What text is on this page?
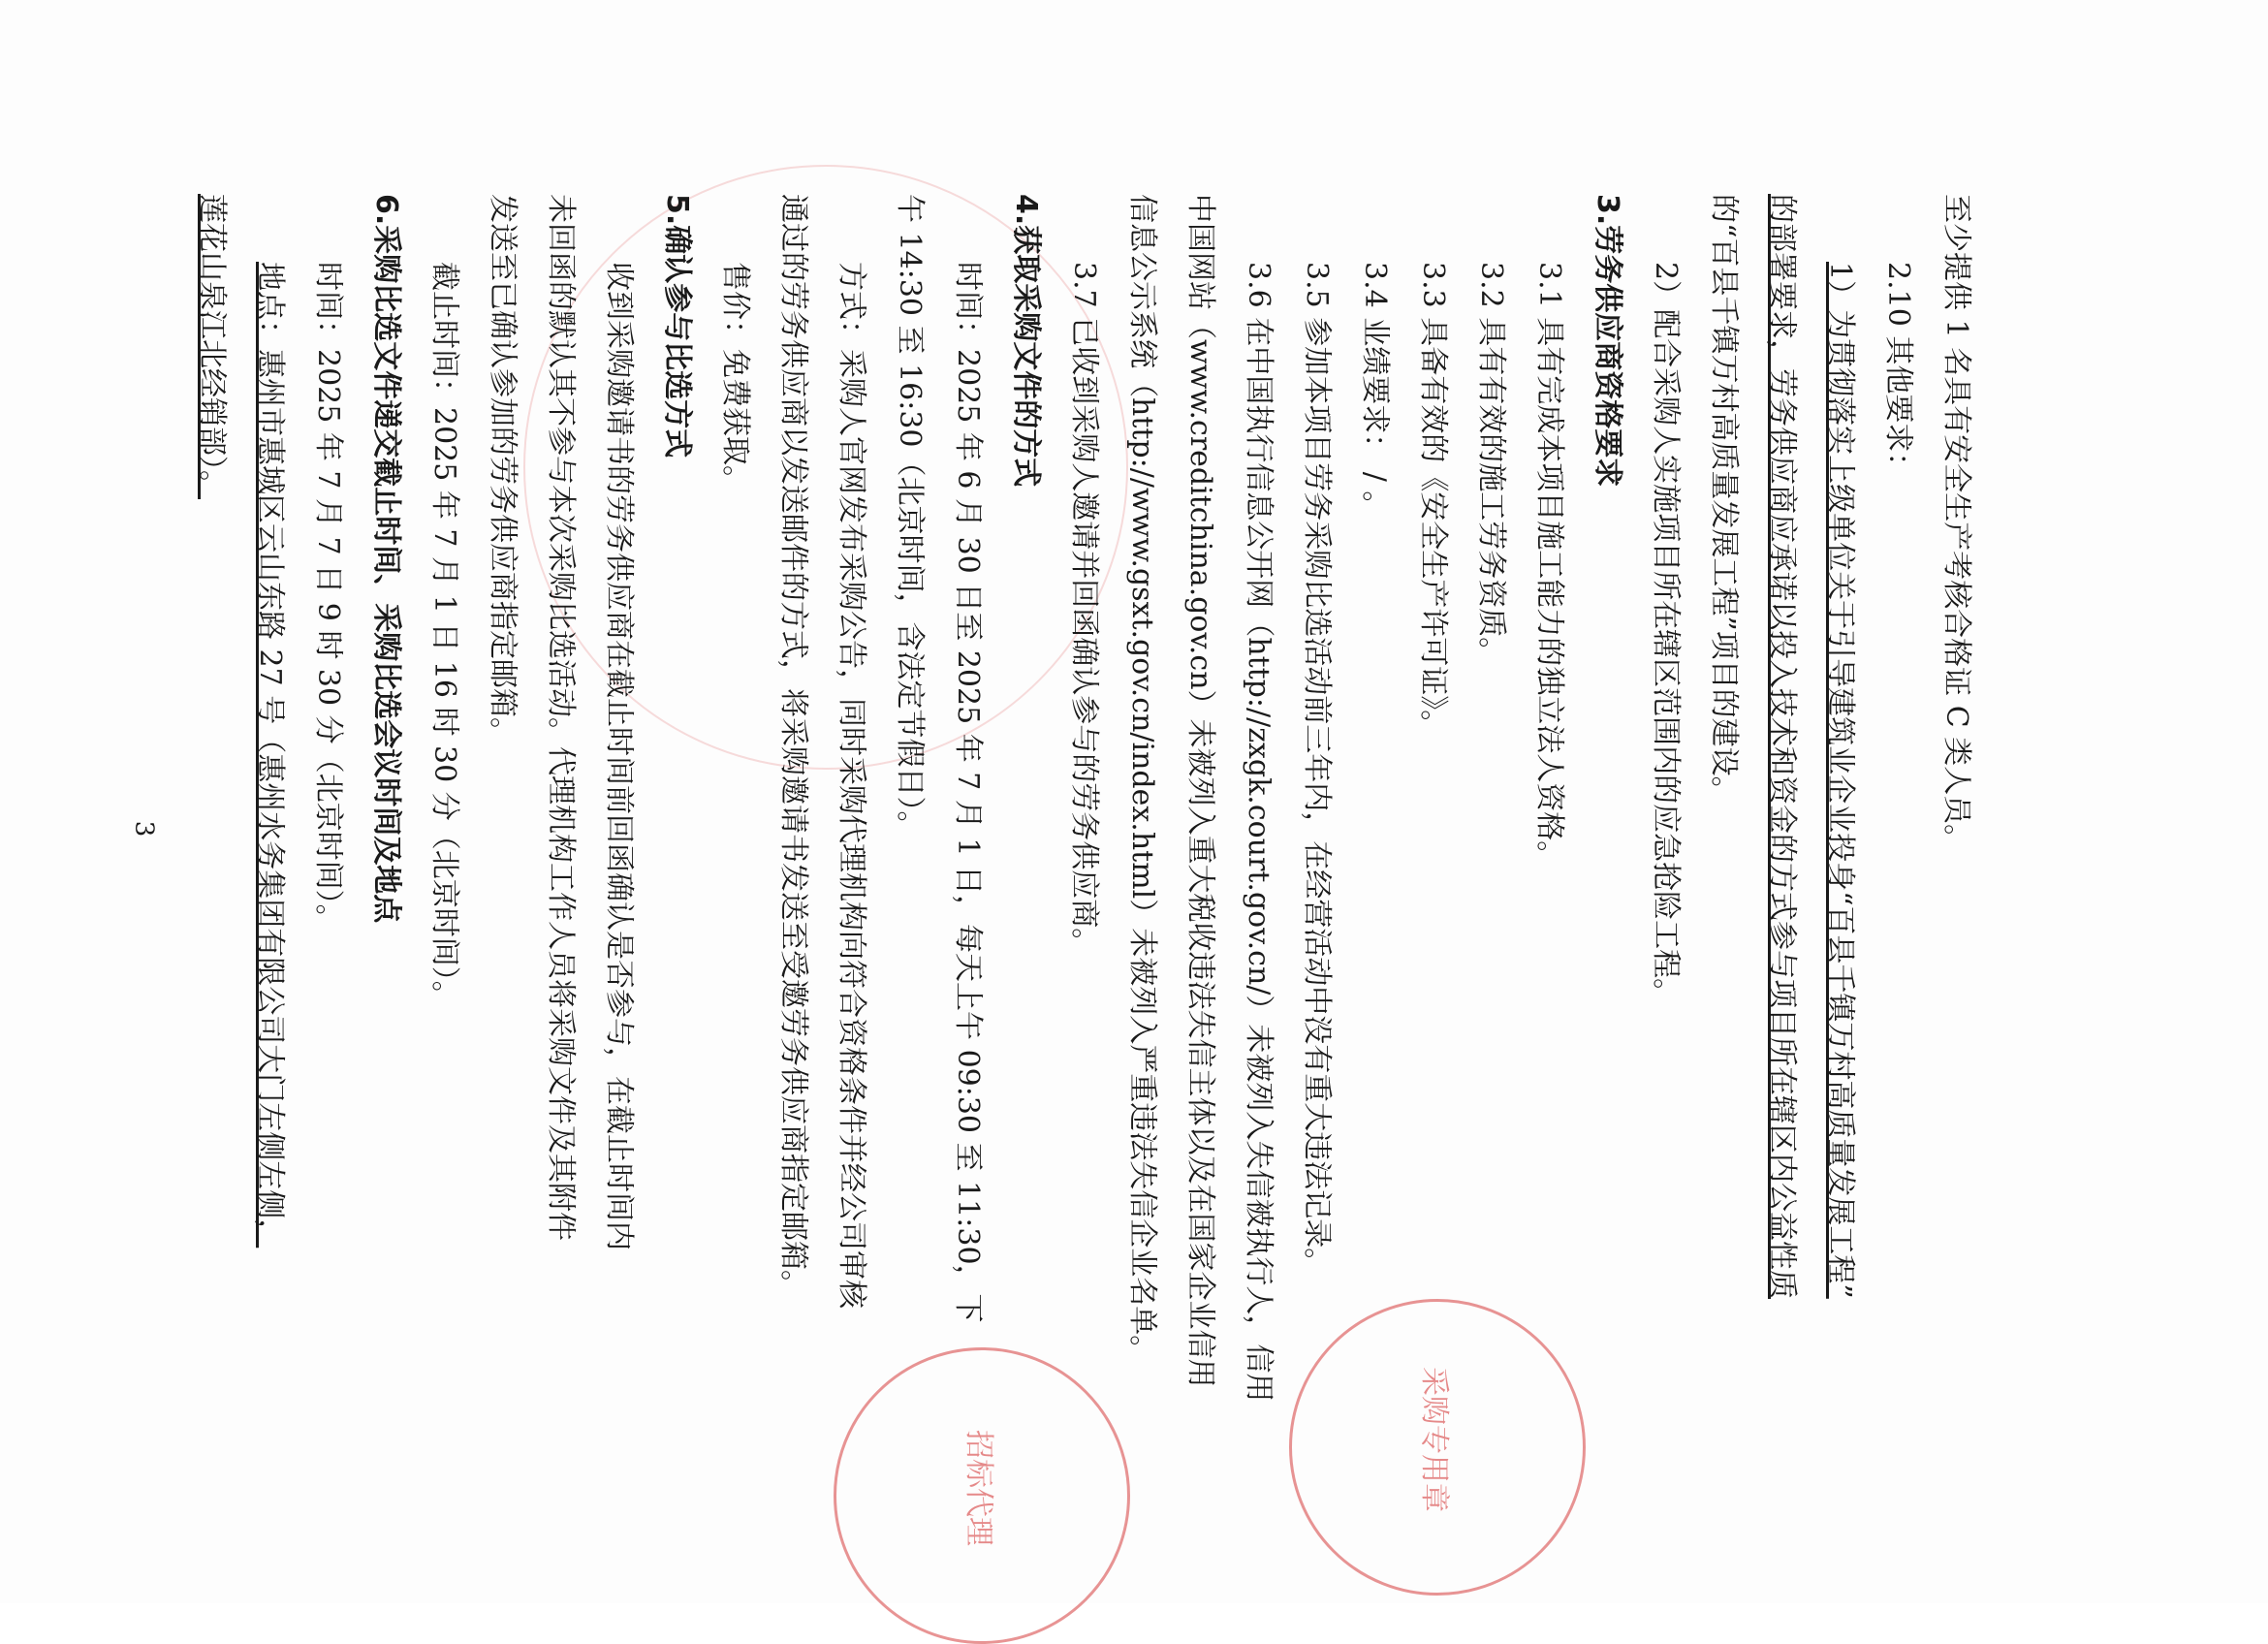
至少提供 1 名具有安全生产考核合格证 C 类人员。
2.10 其他要求：
1）为贯彻落实上级单位关于引导建筑业企业投身“百县千镇万村高质量发展工程”
的部署要求，劳务供应商应承诺以投入技术和资金的方式参与项目所在辖区内公益性质
的“百县千镇万村高质量发展工程”项目的建设。
2）配合采购人实施项目所在辖区范围内的应急抢险工程。
3.劳务供应商资格要求
3.1 具有完成本项目施工能力的独立法人资格。
3.2 具有有效的施工劳务资质。
3.3 具备有效的《安全生产许可证》。
3.4 业绩要求： / 。
3.5 参加本项目劳务采购比选活动前三年内，在经营活动中没有重大违法记录。
3.6 在中国执行信息公开网（http://zxgk.court.gov.cn/）未被列入失信被执行人，信用
中国网站（www.creditchina.gov.cn）未被列入重大税收违法失信主体以及在国家企业信用
信息公示系统（http://www.gsxt.gov.cn/index.html）未被列入严重违法失信企业名单。
3.7 已收到采购人邀请并回函确认参与的劳务供应商。
4.获取采购文件的方式
时间：2025 年 6 月 30 日至 2025 年 7 月 1 日，每天上午 09:30 至 11:30，下
午 14:30 至 16:30（北京时间，含法定节假日）。
方式：采购人官网发布采购公告，同时采购代理机构向符合资格条件并经公司审核
通过的劳务供应商以发送邮件的方式，将采购邀请书发送至受邀劳务供应商指定邮箱。
售价：免费获取。
5.确认参与比选方式
收到采购邀请书的劳务供应商在截止时间前回函确认是否参与，在截止时间内
未回函的默认其不参与本次采购比选活动。代理机构工作人员将采购文件及其附件
发送至已确认参加的劳务供应商指定邮箱。
截止时间：2025 年 7 月 1 日 16 时 30 分（北京时间）。
6.采购比选文件递交截止时间、采购比选会议时间及地点
时间：2025 年 7 月 7 日 9 时 30 分（北京时间）。
地点：惠州市惠城区云山东路 27 号（惠州水务集团有限公司大门左侧左侧，
莲花山泉江北经销部）。
采购专用章
招标代理
3
